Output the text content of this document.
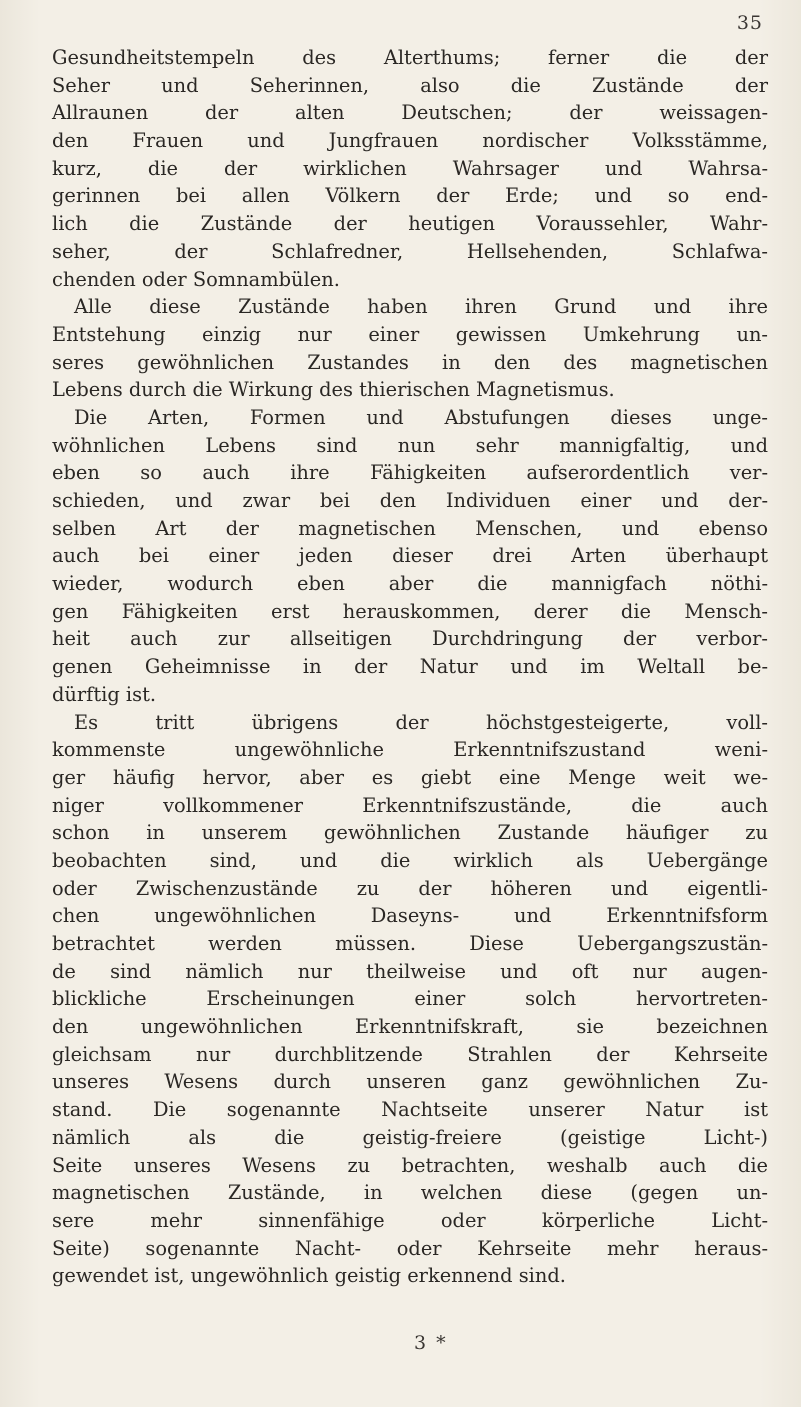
35
Gesundheitstempeln des Alterthums; ferner die der
Seher und Seherinnen, also die Zustände der
Allraunen der alten Deutschen; der weissagen-
den Frauen und Jungfrauen nordischer Volksstämme,
kurz, die der wirklichen Wahrsager und Wahrsa-
gerinnen bei allen Völkern der Erde; und so end-
lich die Zustände der heutigen Voraussehler, Wahr-
seher, der Schlafredner, Hellsehenden, Schlafwa-
chenden oder Somnambülen.
Alle diese Zustände haben ihren Grund und ihre
Entstehung einzig nur einer gewissen Umkehrung un-
seres gewöhnlichen Zustandes in den des magnetischen
Lebens durch die Wirkung des thierischen Magnetismus.
Die Arten, Formen und Abstufungen dieses unge-
wöhnlichen Lebens sind nun sehr mannigfaltig, und
eben so auch ihre Fähigkeiten aufserordentlich ver-
schieden, und zwar bei den Individuen einer und der-
selben Art der magnetischen Menschen, und ebenso
auch bei einer jeden dieser drei Arten überhaupt
wieder, wodurch eben aber die mannigfach nöthi-
gen Fähigkeiten erst herauskommen, derer die Mensch-
heit auch zur allseitigen Durchdringung der verbor-
genen Geheimnisse in der Natur und im Weltall be-
dürftig ist.
Es tritt übrigens der höchstgesteigerte, voll-
kommenste ungewöhnliche Erkenntnifszustand weni-
ger häufig hervor, aber es giebt eine Menge weit we-
niger vollkommener Erkenntnifszustände, die auch
schon in unserem gewöhnlichen Zustande häufiger zu
beobachten sind, und die wirklich als Uebergänge
oder Zwischenzustände zu der höheren und eigentli-
chen ungewöhnlichen Daseyns- und Erkenntnifsform
betrachtet werden müssen. Diese Uebergangszustän-
de sind nämlich nur theilweise und oft nur augen-
blickliche Erscheinungen einer solch hervortreten-
den ungewöhnlichen Erkenntnifskraft, sie bezeichnen
gleichsam nur durchblitzende Strahlen der Kehrseite
unseres Wesens durch unseren ganz gewöhnlichen Zu-
stand. Die sogenannte Nachtseite unserer Natur ist
nämlich als die geistig-freiere (geistige Licht-)
Seite unseres Wesens zu betrachten, weshalb auch die
magnetischen Zustände, in welchen diese (gegen un-
sere mehr sinnenfähige oder körperliche Licht-
Seite) sogenannte Nacht- oder Kehrseite mehr heraus-
gewendet ist, ungewöhnlich geistig erkennend sind.
3 *
